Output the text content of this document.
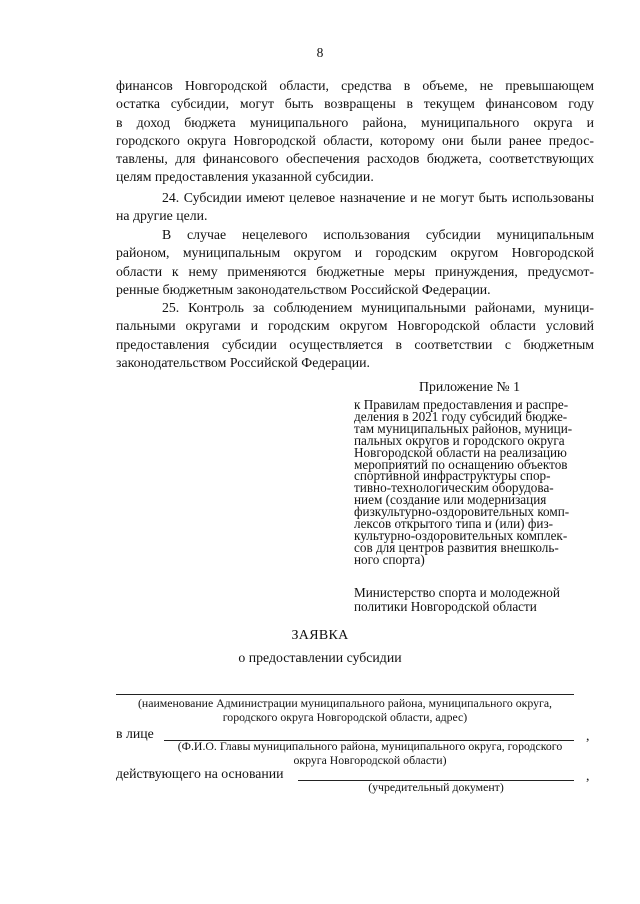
8

финансов Новгородской области, средства в объеме, не превышающем

остатка субсидии, могут быть возвращены в текущем финансовом году

в доход бюджета муниципального района, муниципального округа и

городского округа Новгородской области, которому они были ранее предос-

тавлены, для финансового обеспечения расходов бюджета, соответствующих

целям предоставления указанной субсидии.

24. Субсидии имеют целевое назначение и не могут быть использованы

на другие цели.

В случае нецелевого использования субсидии муниципальным

районом, муниципальным округом и городским округом Новгородской

области к нему применяются бюджетные меры принуждения, предусмот-

ренные бюджетным законодательством Российской Федерации.

25. Контроль за соблюдением муниципальными районами, муници-

пальными округами и городским округом Новгородской области условий

предоставления субсидии осуществляется в соответствии с бюджетным

законодательством Российской Федерации.

Приложение № 1
к Правилам предоставления и распре-
деления в 2021 году субсидий бюдже-
там муниципальных районов, муници-
пальных округов и городского округа
Новгородской области на реализацию
мероприятий по оснащению объектов
спортивной инфраструктуры спор-
тивно-технологическим оборудова-
нием (создание или модернизация
физкультурно-оздоровительных комп-
лексов открытого типа и (или) физ-
культурно-оздоровительных комплек-
сов для центров развития внешколь-
ного спорта)
Министерство спорта и молодежной
политики Новгородской области
ЗАЯВКА
о предоставлении субсидии
(наименование Администрации муниципального района, муниципального округа,
городского округа Новгородской области, адрес)
в лице	,
(Ф.И.О. Главы муниципального района, муниципального округа, городского
округа Новгородской области)
действующего на основании	,
(учредительный документ)
